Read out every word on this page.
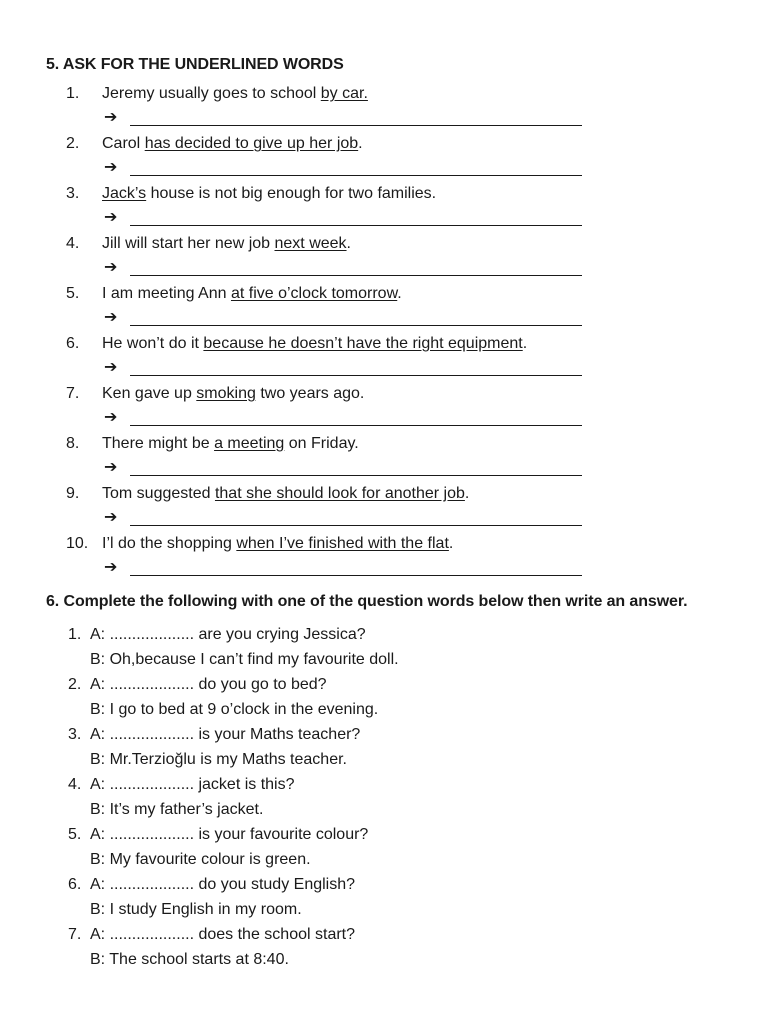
5. ASK FOR THE UNDERLINED WORDS
1.	Jeremy usually goes to school by car.
➔
2.	Carol has decided to give up her job.
➔
3.	Jack’s house is not big enough for two families.
➔
4.	Jill will start her new job next week.
➔
5.	I am meeting Ann at five o’clock tomorrow.
➔
6.	He won’t do it because he doesn’t have the right equipment.
➔
7.	Ken gave up smoking two years ago.
➔
8.	There might be a meeting on Friday.
➔
9.	Tom suggested that she should look for another job.
➔
10. I’l do the shopping when I’ve finished with the flat.
➔
6. Complete the following with one of the question words below then write an answer.
1. A: ................... are you crying Jessica?
B: Oh,because I can’t find my favourite doll.
2. A: ................... do you go to bed?
B: I go to bed at 9 o’clock in the evening.
3. A: ................... is your Maths teacher?
B: Mr.Terzioğlu is my Maths teacher.
4. A: ................... jacket is this?
B: It’s my father’s jacket.
5. A: ................... is your favourite colour?
B: My favourite colour is green.
6. A: ................... do you study English?
B: I study English in my room.
7. A: ................... does the school start?
B: The school starts at 8:40.
